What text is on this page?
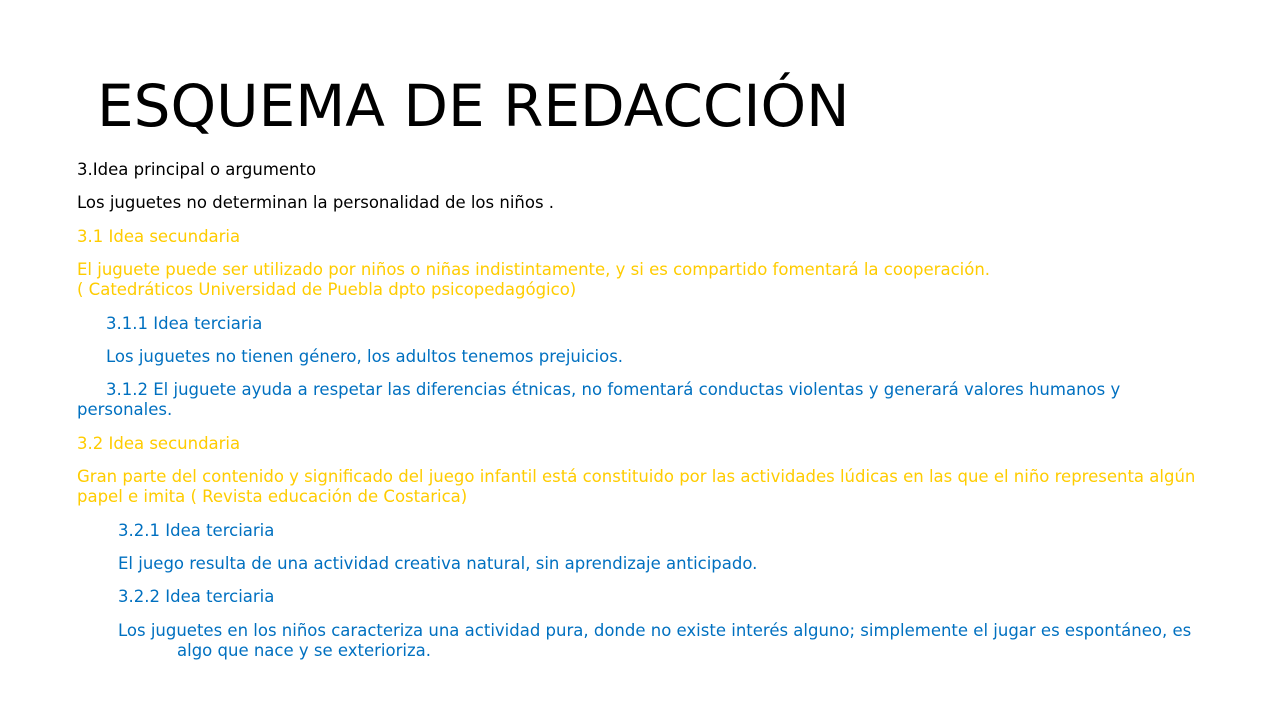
ESQUEMA DE REDACCIÓN

3.Idea principal o argumento

Los juguetes no determinan la personalidad de los niños .

3.1 Idea secundaria

El juguete puede ser utilizado por niños o niñas indistintamente, y si es compartido fomentará la cooperación.
( Catedráticos Universidad de Puebla dpto psicopedagógico)

3.1.1 Idea terciaria

Los juguetes no tienen género, los adultos tenemos prejuicios.

3.1.2 El juguete ayuda a respetar las diferencias étnicas, no fomentará conductas violentas y generará valores humanos y personales.

3.2 Idea secundaria

Gran parte del contenido y significado del juego infantil está constituido por las actividades lúdicas en las que el niño representa algún papel e imita ( Revista educación de Costarica)

3.2.1 Idea terciaria

El juego resulta de una actividad creativa natural, sin aprendizaje anticipado.

3.2.2 Idea terciaria

Los juguetes en los niños caracteriza una actividad pura, donde no existe interés alguno; simplemente el jugar es espontáneo, es algo que nace y se exterioriza.
